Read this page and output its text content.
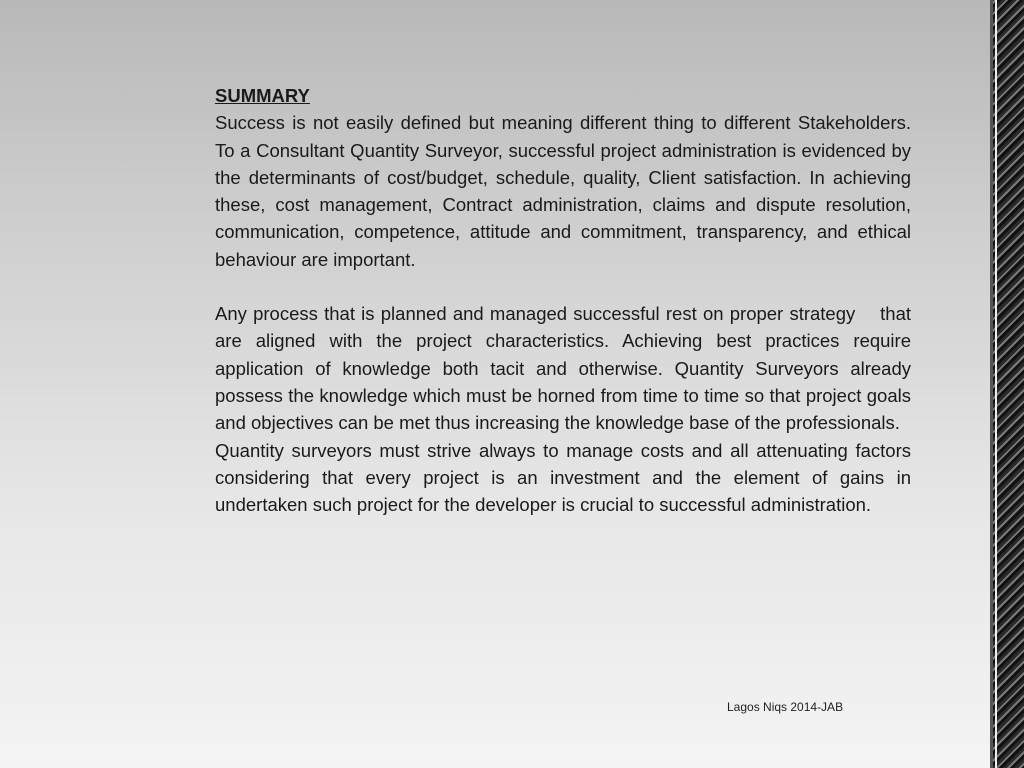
SUMMARY

Success is not easily defined but meaning different thing to different Stakeholders. To a Consultant Quantity Surveyor, successful project administration is evidenced by the determinants of cost/budget, schedule, quality, Client satisfaction. In achieving these, cost management, Contract administration, claims and dispute resolution, communication, competence, attitude and commitment, transparency, and ethical behaviour are important.

Any process that is planned and managed successful rest on proper strategy    that are aligned with the project characteristics. Achieving best practices require application of knowledge both tacit and otherwise. Quantity Surveyors already possess the knowledge which must be horned from time to time so that project goals and objectives can be met thus increasing the knowledge base of the professionals.

Quantity surveyors must strive always to manage costs and all attenuating factors considering that every project is an investment and the element of gains in undertaken such project for the developer is crucial to successful administration.

Lagos Niqs 2014-JAB
